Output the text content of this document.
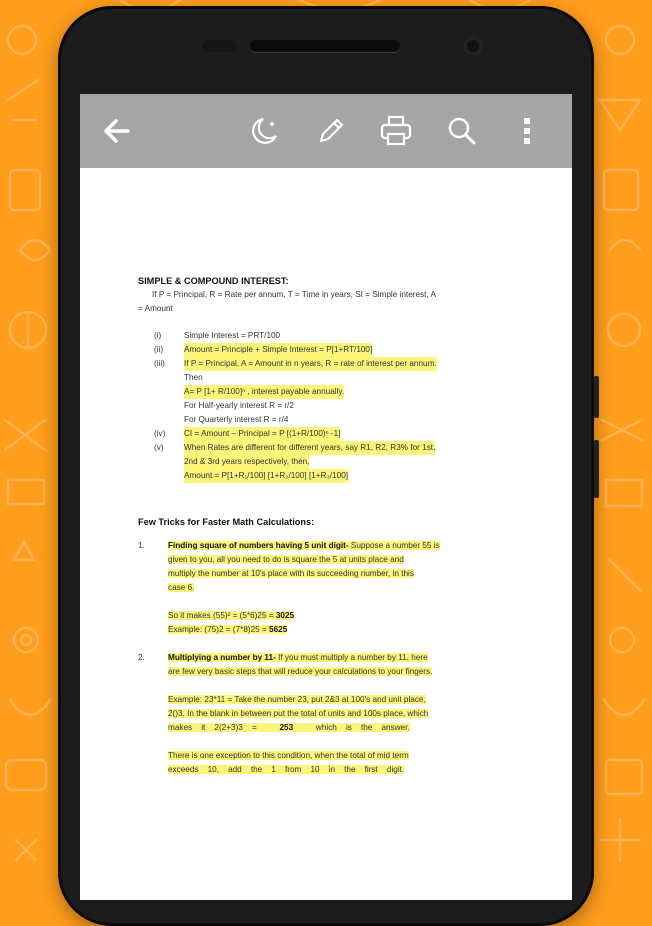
SIMPLE & COMPOUND INTEREST:
If P = Principal, R = Rate per annum, T = Time in years, SI = Simple interest, A
= Amount
(i)	Simple Interest = PRT/100
(ii)	Amount = Principle + Simple Interest = P[1+RT/100]
(iii) If P = Principal, A = Amount in n years, R = rate of interest per annum.
Then
A= P [1+ R/100]ⁿ , interest payable annually.
For Half-yearly interest R = r/2
For Quarterly interest R = r/4
(iv) CI = Amount – Principal = P [(1+R/100)ⁿ -1]
(v) When Rates are different for different years, say R1, R2, R3% for 1st,
2nd & 3rd years respectively, then,
Amount = P[1+R₁/100] [1+R₂/100] [1+R₃/100]
Few Tricks for Faster Math Calculations:
1.	Finding square of numbers having 5 unit digit- Suppose a number 55 is
given to you, all you need to do is square the 5 at units place and
multiply the number at 10's place with its succeeding number, in this
case 6.
So it makes (55)² = (5*6)25 = 3025
Example: (75)2 = (7*8)25 = 5625
2.	Multiplying a number by 11- If you must multiply a number by 11, here
are few very basic steps that will reduce your calculations to your fingers.
Example: 23*11 = Take the number 23, put 2&3 at 100's and unit place,
2()3. In the blank in between put the total of units and 100s place, which
makes    it    2(2+3)3    =	253	which    is    the    answer.
There is one exception to this condition, when the total of mid term
exceeds    10,    add    the    1    from    10    in    the    first    digit.
